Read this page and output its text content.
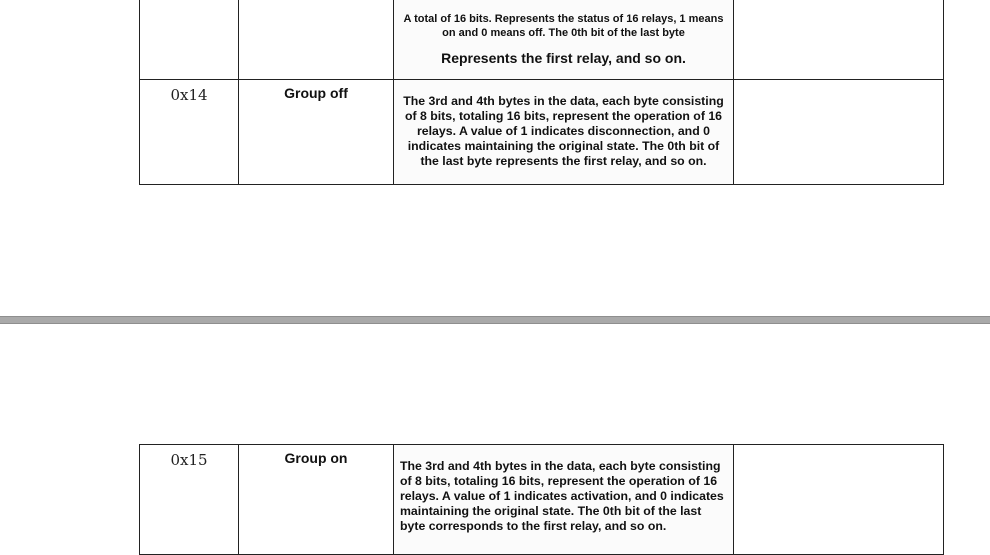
		A total of 16 bits. Represents the status of 16 relays, 1 means on and 0 means off. The 0th bit of the last byte
Represents the first relay, and so on.	

0x14	Group off	The 3rd and 4th bytes in the data, each byte consisting of 8 bits, totaling 16 bits, represent the operation of 16 relays. A value of 1 indicates disconnection, and 0 indicates maintaining the original state. The 0th bit of the last byte represents the first relay, and so on.	

0x15	Group on	The 3rd and 4th bytes in the data, each byte consisting of 8 bits, totaling 16 bits, represent the operation of 16 relays. A value of 1 indicates activation, and 0 indicates maintaining the original state. The 0th bit of the last byte corresponds to the first relay, and so on.
